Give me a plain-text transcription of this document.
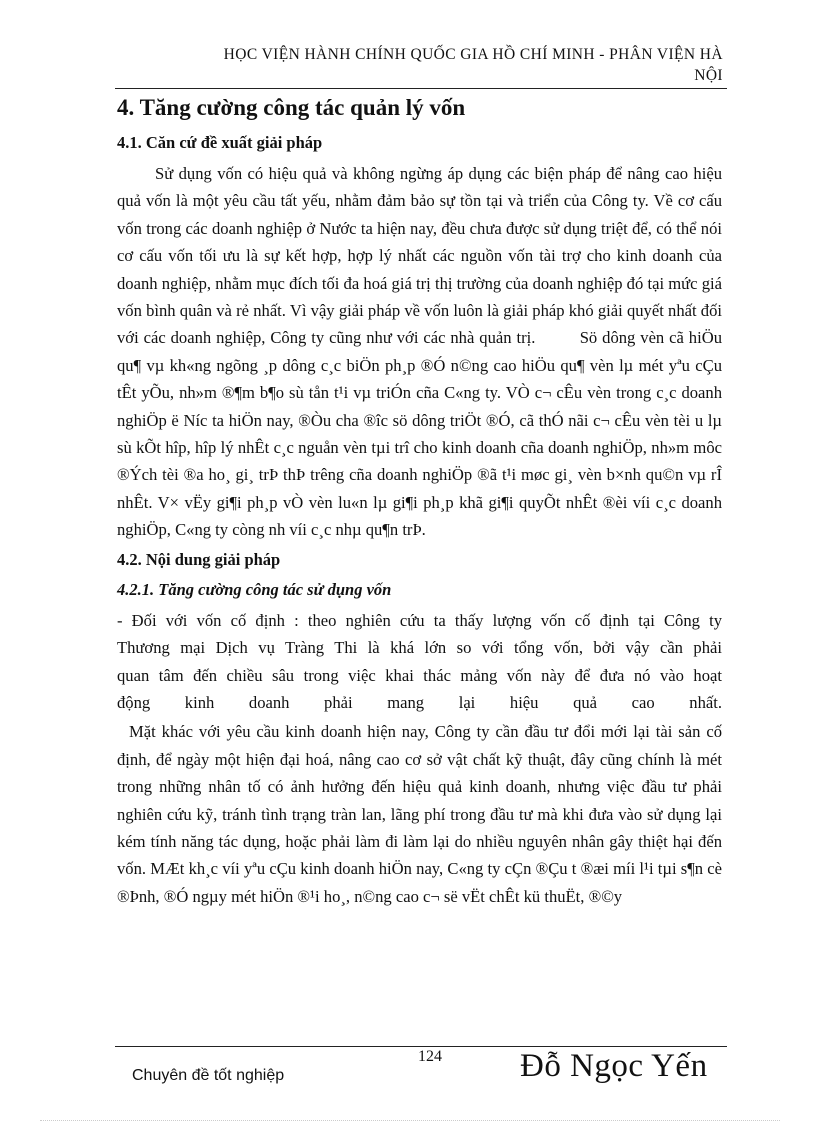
HỌC VIỆN HÀNH CHÍNH QUỐC GIA HỒ CHÍ MINH - PHÂN VIỆN HÀ
NỘI
4. Tăng cường công tác quản lý vốn
4.1. Căn cứ đề xuất giải pháp

Sử dụng vốn có hiệu quả và không ngừng áp dụng các biện pháp để nâng cao hiệu quả vốn là một yêu cầu tất yếu, nhằm đảm bảo sự tồn tại và triển của Công ty. Về cơ cấu vốn trong các doanh nghiệp ở Nước ta hiện nay, đều chưa được sử dụng triệt để, có thể nói cơ cấu vốn tối ưu là sự kết hợp, hợp lý nhất các nguồn vốn tài trợ cho kinh doanh của doanh nghiệp, nhằm mục đích tối đa hoá giá trị thị trường của doanh nghiệp đó tại mức giá vốn bình quân và rẻ nhất. Vì vậy giải pháp về vốn luôn là giải pháp khó giải quyết nhất đối với các doanh nghiệp, Công ty cũng như với các nhà quản trị.	Sö dông vèn cã hiÖu qu¶ vµ kh«ng ngõng ¸p dông c¸c biÖn ph¸p ®Ó n©ng cao hiÖu qu¶ vèn lµ mét yªu cÇu tÊt yÕu, nh»m ®¶m b¶o sù tån t¹i vµ triÓn cña C«ng ty. VÒ c¬ cÊu vèn trong c¸c doanh nghiÖp ë Níc ta hiÖn nay, ®Òu cha ®îc sö dông triÖt ®Ó, cã thÓ nãi c¬ cÊu vèn tèi u lµ sù kÕt hîp, hîp lý nhÊt c¸c nguån vèn tµi trî cho kinh doanh cña doanh nghiÖp, nh»m môc ®Ých tèi ®a ho¸ gi¸ trÞ thÞ trêng cña doanh nghiÖp ®ã t¹i møc gi¸ vèn b×nh qu©n vµ rÎ nhÊt. V× vËy gi¶i ph¸p vÒ vèn lu«n lµ gi¶i ph¸p khã gi¶i quyÕt nhÊt ®èi víi c¸c doanh nghiÖp, C«ng ty còng nh víi c¸c nhµ qu¶n trÞ.

4.2. Nội dung giải pháp
4.2.1. Tăng cường công tác sử dụng vốn

- Đối với vốn cố định : theo nghiên cứu ta thấy lượng vốn cố định tại Công ty
Thương mại Dịch vụ Tràng Thi là khá lớn so với tổng vốn, bởi vậy cần phải
quan tâm đến chiều sâu trong việc khai thác mảng vốn này để đưa nó vào hoạt
động kinh doanh phải mang lại hiệu quả cao nhất.

Mặt khác với yêu cầu kinh doanh hiện nay, Công ty cần đầu tư đổi mới lại tài sản cố định, để ngày một hiện đại hoá, nâng cao cơ sở vật chất kỹ thuật, đây cũng chính là mét trong những nhân tố có ảnh hưởng đến hiệu quả kinh doanh, nhưng việc đầu tư phải nghiên cứu kỹ, tránh tình trạng tràn lan, lãng phí trong đầu tư mà khi đưa vào sử dụng lại kém tính năng tác dụng, hoặc phải làm đi làm lại do nhiều nguyên nhân gây thiệt hại đến vốn. MÆt kh¸c víi yªu cÇu kinh doanh hiÖn nay, C«ng ty cÇn ®Çu t ®æi míi l¹i tµi s¶n cè ®Þnh, ®Ó ngµy mét hiÖn ®¹i ho¸, n©ng cao c¬ së vËt chÊt kü thuËt, ®©y

124
Chuyên đề tốt nghiệp	Đỗ Ngọc Yến
